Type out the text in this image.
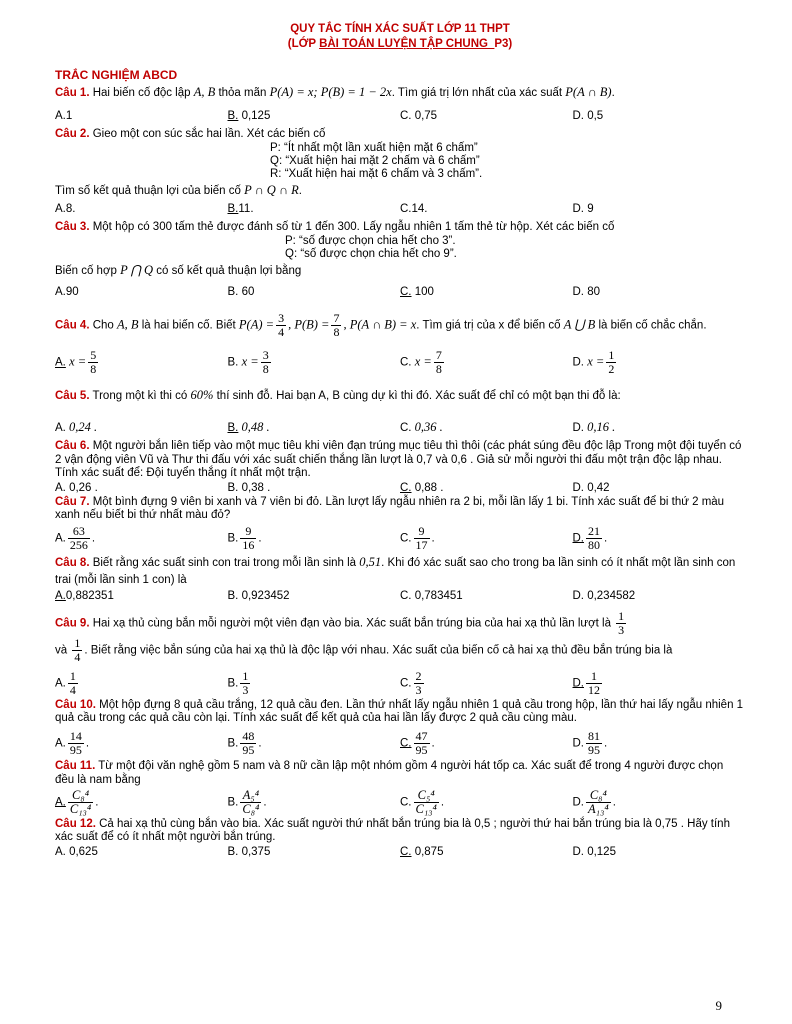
QUY TẮC TÍNH XÁC SUẤT LỚP 11 THPT
(LỚP BÀI TOÁN LUYỆN TẬP CHUNG_P3)
TRẮC NGHIỆM ABCD
Câu 1. Hai biến cố độc lập A, B thỏa mãn P(A) = x; P(B) = 1 − 2x. Tìm giá trị lớn nhất của xác suất P(A ∩ B).
A.1	B. 0,125	C. 0,75	D. 0,5
Câu 2. Gieo một con súc sắc hai lần. Xét các biến cố
P: “Ít nhất một lần xuất hiện mặt 6 chấm”
Q: “Xuất hiện hai mặt 2 chấm và 6 chấm”
R: “Xuất hiện hai mặt 6 chấm và 3 chấm”.
Tìm số kết quả thuận lợi của biến cố P ∩ Q ∩ R.
A.8.	B.11.	C.14.	D. 9
Câu 3. Một hộp có 300 tấm thẻ được đánh số từ 1 đến 300. Lấy ngẫu nhiên 1 tấm thẻ từ hộp. Xét các biến cố
P: “số được chọn chia hết cho 3”.
Q: “số được chọn chia hết cho 9”.
Biến cố hợp P ⋂ Q có số kết quả thuận lợi bằng
A.90	B. 60	C. 100	D. 80
Câu 4. Cho A, B là hai biến cố. Biết $P(A) = \frac{3}{4}$ , $P(B) = \frac{7}{8}$ , P(A ∩ B) = x. Tìm giá trị của x để biến cố A ⋃ B là biến cố chắc chắn.
A. $x = \frac{5}{8}$	B. $x = \frac{3}{8}$	C. $x = \frac{7}{8}$	D. $x = \frac{1}{2}$
Câu 5. Trong một kì thi có 60% thí sinh đỗ. Hai bạn A, B cùng dự kì thi đó. Xác suất để chỉ có một bạn thi đỗ là:
A. 0,24 .	B. 0,48 .	C. 0,36 .	D. 0,16 .
Câu 6. Một người bắn liên tiếp vào một mục tiêu khi viên đạn trúng mục tiêu thì thôi (các phát súng đều độc lập Trong một đội tuyển có 2 vận động viên Vũ và Thư thi đấu với xác suất chiến thắng lần lượt là 0,7 và 0,6 . Giả sử mỗi người thi đấu một trận độc lập nhau. Tính xác suất để: Đội tuyển thắng ít nhất một trận.
A. 0,26 .	B. 0,38 .	C. 0,88 .	D. 0,42
Câu 7. Một bình đựng 9 viên bi xanh và 7 viên bi đỏ. Lần lượt lấy ngẫu nhiên ra 2 bi, mỗi lần lấy 1 bi. Tính xác suất để bi thứ 2 màu xanh nếu biết bi thứ nhất màu đỏ?
A. $\frac{63}{256}$ .	B. $\frac{9}{16}$ .	C. $\frac{9}{17}$ .	D. $\frac{21}{80}$ .
Câu 8. Biết rằng xác suất sinh con trai trong mỗi lần sinh là 0,51. Khi đó xác suất sao cho trong ba lần sinh có ít nhất một lần sinh con trai (mỗi lần sinh 1 con) là
A.0,882351	B. 0,923452	C. 0,783451	D. 0,234582
Câu 9. Hai xạ thủ cùng bắn mỗi người một viên đạn vào bia. Xác suất bắn trúng bia của hai xạ thủ lần lượt là $\frac{1}{3}$

và $\frac{1}{4}$ . Biết rằng việc bắn súng của hai xạ thủ là độc lập với nhau. Xác suất của biến cố cả hai xạ thủ đều bắn trúng bia là
A. $\frac{1}{4}$	B. $\frac{1}{3}$	C. $\frac{2}{3}$	D. $\frac{1}{12}$
Câu 10. Một hộp đựng 8 quả cầu trắng, 12 quả cầu đen. Lần thứ nhất lấy ngẫu nhiên 1 quả cầu trong hộp, lần thứ hai lấy ngẫu nhiên 1 quả cầu trong các quả cầu còn lại. Tính xác suất để kết quả của hai lần lấy được 2 quả cầu cùng màu.
A. $\frac{14}{95}$ .	B. $\frac{48}{95}$ .	C. $\frac{47}{95}$ .	D. $\frac{81}{95}$ .
Câu 11. Từ một đội văn nghệ gồm 5 nam và 8 nữ cần lập một nhóm gồm 4 người hát tốp ca. Xác suất để trong 4 người được chọn đều là nam bằng
A. $\frac{\text{C₈⁴}}{\text{C₁₃⁴}}$ .	B. $\frac{\text{A₅⁴}}{\text{C₈⁴}}$ .	C. $\frac{\text{C₅⁴}}{\text{C₁₃⁴}}$ .	D. $\frac{\text{C₈⁴}}{\text{A₁₃⁴}}$ .
Câu 12. Cả hai xạ thủ cùng bắn vào bia. Xác suất người thứ nhất bắn trúng bia là 0,5 ; người thứ hai bắn trúng bia là 0,75 . Hãy tính xác suất để có ít nhất một người bắn trúng.
A. 0,625	B. 0,375	C. 0,875	D. 0,125
9
